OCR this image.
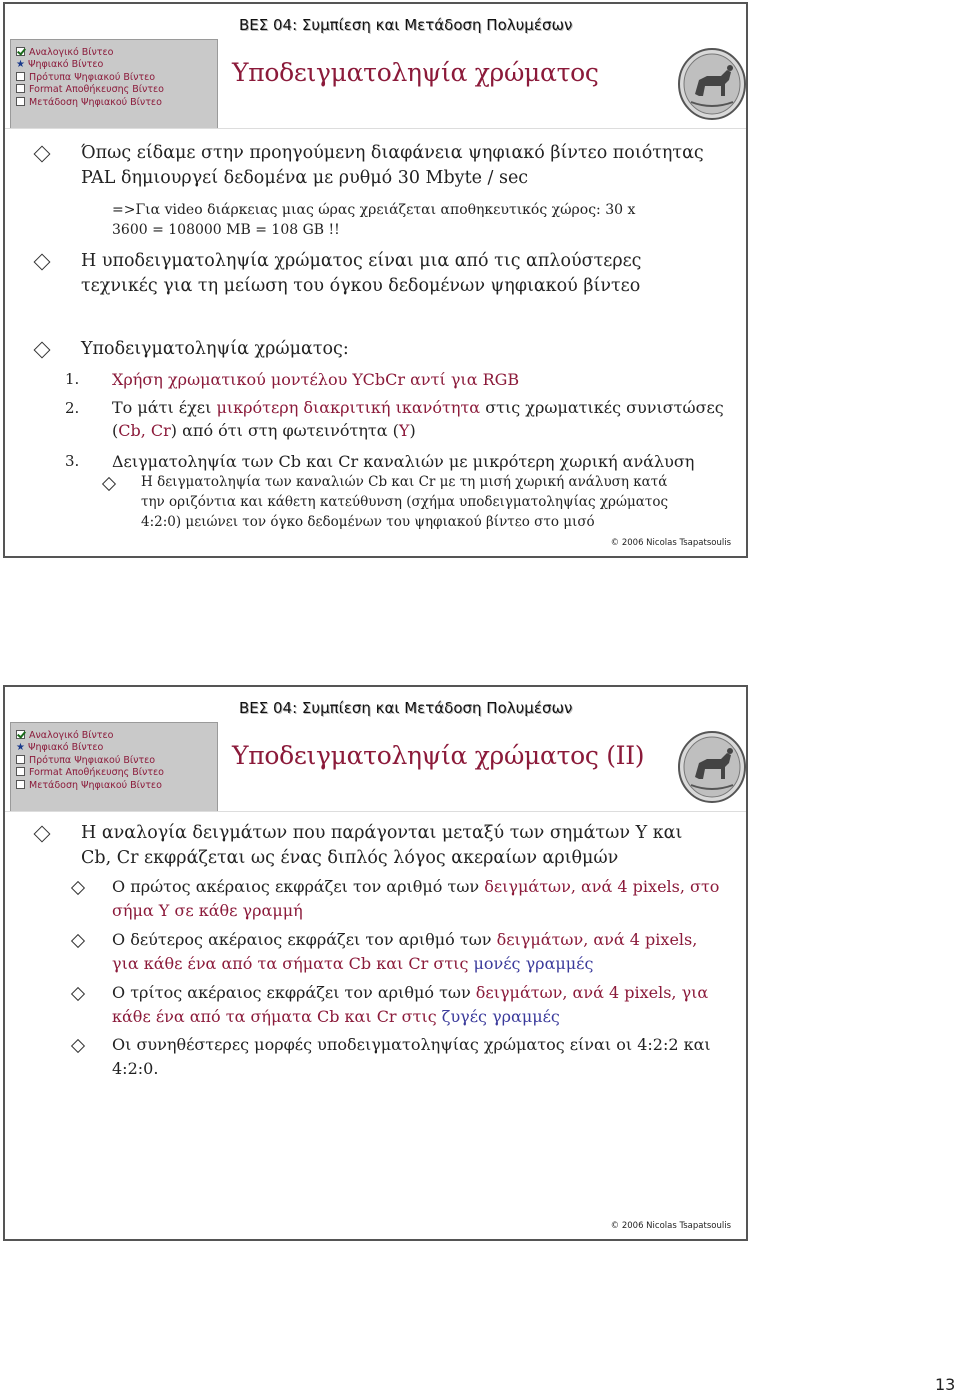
ΒΕΣ 04: Συμπίεση και Μετάδοση Πολυμέσων
Αναλογικό Βίντεο
★ Ψηφιακό Βίντεο
Πρότυπα Ψηφιακού Βίντεο
Format Αποθήκευσης Βίντεο
Μετάδοση Ψηφιακού Βίντεο
Υποδειγματοληψία χρώματος
Όπως είδαμε στην προηγούμενη διαφάνεια ψηφιακό βίντεο ποιότητας
PAL δημιουργεί δεδομένα με ρυθμό 30 Mbyte / sec
=>Για video διάρκειας μιας ώρας χρειάζεται αποθηκευτικός χώρος: 30 x
3600 = 108000 MB = 108 GB !!
Η υποδειγματοληψία χρώματος είναι μια από τις απλούστερες
τεχνικές για τη μείωση του όγκου δεδομένων ψηφιακού βίντεο
Υποδειγματοληψία χρώματος:
1. Χρήση χρωματικού μοντέλου YCbCr αντί για RGB
2. Το μάτι έχει μικρότερη διακριτική ικανότητα στις χρωματικές συνιστώσες
(Cb, Cr) από ότι στη φωτεινότητα (Y)
3. Δειγματοληψία των Cb και Cr καναλιών με μικρότερη χωρική ανάλυση
Η δειγματοληψία των καναλιών Cb και Cr με τη μισή χωρική ανάλυση κατά
την οριζόντια και κάθετη κατεύθυνση (σχήμα υποδειγματοληψίας χρώματος
4:2:0) μειώνει τον όγκο δεδομένων του ψηφιακού βίντεο στο μισό
© 2006 Nicolas Tsapatsoulis
ΒΕΣ 04: Συμπίεση και Μετάδοση Πολυμέσων
Αναλογικό Βίντεο
★ Ψηφιακό Βίντεο
Πρότυπα Ψηφιακού Βίντεο
Format Αποθήκευσης Βίντεο
Μετάδοση Ψηφιακού Βίντεο
Υποδειγματοληψία χρώματος (ΙΙ)
Η αναλογία δειγμάτων που παράγονται μεταξύ των σημάτων Y και
Cb, Cr εκφράζεται ως ένας διπλός λόγος ακεραίων αριθμών
Ο πρώτος ακέραιος εκφράζει τον αριθμό των δειγμάτων, ανά 4 pixels, στο
σήμα Y σε κάθε γραμμή
Ο δεύτερος ακέραιος εκφράζει τον αριθμό των δειγμάτων, ανά 4 pixels,
για κάθε ένα από τα σήματα Cb και Cr στις μονές γραμμές
Ο τρίτος ακέραιος εκφράζει τον αριθμό των δειγμάτων, ανά 4 pixels, για
κάθε ένα από τα σήματα Cb και Cr στις ζυγές γραμμές
Οι συνηθέστερες μορφές υποδειγματοληψίας χρώματος είναι οι 4:2:2 και
4:2:0.
© 2006 Nicolas Tsapatsoulis
13
